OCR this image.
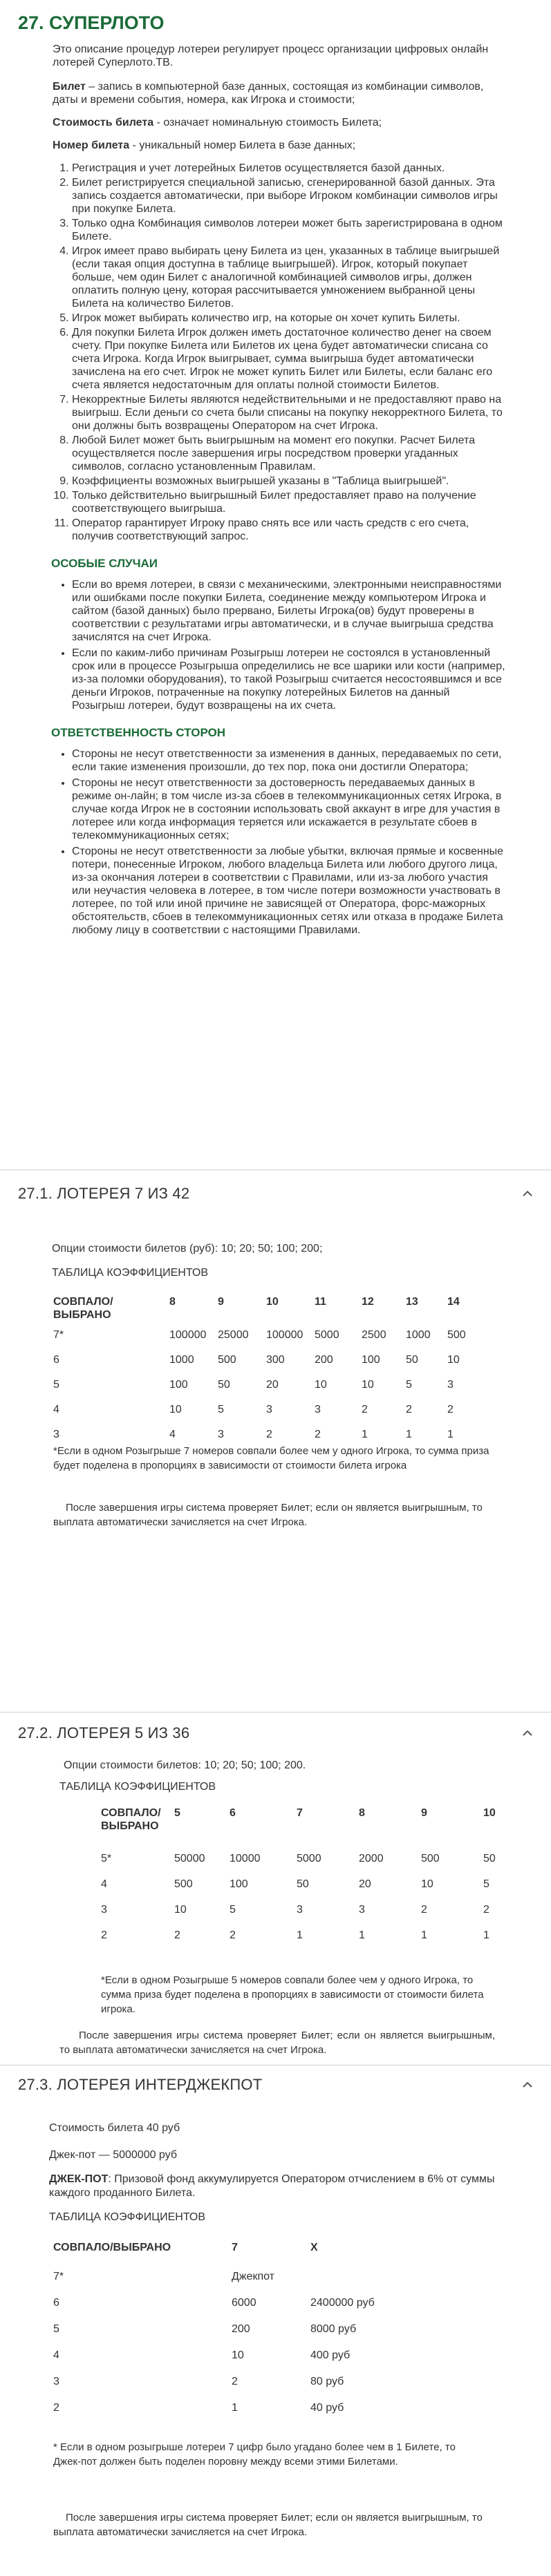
27. СУПЕРЛОТО

Это описание процедур лотереи регулирует процесс организации цифровых онлайн лотерей Суперлото.ТВ.

Билет – запись в компьютерной базе данных, состоящая из комбинации символов, даты и времени события, номера, как Игрока и стоимости;

Стоимость билета - означает номинальную стоимость Билета;

Номер билета - уникальный номер Билета в базе данных;

1. Регистрация и учет лотерейных Билетов осуществляется базой данных.
2. Билет регистрируется специальной записью, сгенерированной базой данных. Эта запись создается автоматически, при выборе Игроком комбинации символов игры при покупке Билета.
3. Только одна Комбинация символов лотереи может быть зарегистрирована в одном Билете.
4. Игрок имеет право выбирать цену Билета из цен, указанных в таблице выигрышей (если такая опция доступна в таблице выигрышей). Игрок, который покупает больше, чем один Билет с аналогичной комбинацией символов игры, должен оплатить полную цену, которая рассчитывается умножением выбранной цены Билета на количество Билетов.
5. Игрок может выбирать количество игр, на которые он хочет купить Билеты.
6. Для покупки Билета Игрок должен иметь достаточное количество денег на своем счету. При покупке Билета или Билетов их цена будет автоматически списана со счета Игрока. Когда Игрок выигрывает, сумма выигрыша будет автоматически зачислена на его счет. Игрок не может купить Билет или Билеты, если баланс его счета является недостаточным для оплаты полной стоимости Билетов.
7. Некорректные Билеты являются недействительными и не предоставляют право на выигрыш. Если деньги со счета были списаны на покупку некорректного Билета, то они должны быть возвращены Оператором на счет Игрока.
8. Любой Билет может быть выигрышным на момент его покупки. Расчет Билета осуществляется после завершения игры посредством проверки угаданных символов, согласно установленным Правилам.
9. Коэффициенты возможных выигрышей указаны в "Таблица выигрышей".
10. Только действительно выигрышный Билет предоставляет право на получение соответствующего выигрыша.
11. Оператор гарантирует Игроку право снять все или часть средств с его счета, получив соответствующий запрос.
ОСОБЫЕ СЛУЧАИ
• Если во время лотереи, в связи с механическими, электронными неисправностями или ошибками после покупки Билета, соединение между компьютером Игрока и сайтом (базой данных) было прервано, Билеты Игрока(ов) будут проверены в соответствии с результатами игры автоматически, и в случае выигрыша средства зачислятся на счет Игрока.
• Если по каким-либо причинам Розыгрыш лотереи не состоялся в установленный срок или в процессе Розыгрыша определились не все шарики или кости (например, из-за поломки оборудования), то такой Розыгрыш считается несостоявшимся и все деньги Игроков, потраченные на покупку лотерейных Билетов на данный Розыгрыш лотереи, будут возвращены на их счета.
ОТВЕТСТВЕННОСТЬ СТОРОН
• Стороны не несут ответственности за изменения в данных, передаваемых по сети, если такие изменения произошли, до тех пор, пока они достигли Оператора;
• Стороны не несут ответственности за достоверность передаваемых данных в режиме он-лайн; в том числе из-за сбоев в телекоммуникационных сетях Игрока, в случае когда Игрок не в состоянии использовать свой аккаунт в игре для участия в лотерее или когда информация теряется или искажается в результате сбоев в телекоммуникационных сетях;
• Стороны не несут ответственности за любые убытки, включая прямые и косвенные потери, понесенные Игроком, любого владельца Билета или любого другого лица, из-за окончания лотереи в соответствии с Правилами, или из-за любого участия или неучастия человека в лотерее, в том числе потери возможности участвовать в лотерее, по той или иной причине не зависящей от Оператора, форс-мажорных обстоятельств, сбоев в телекоммуникационных сетях или отказа в продаже Билета любому лицу в соответствии с настоящими Правилами.
27.1. ЛОТЕРЕЯ 7 ИЗ 42
Опции стоимости билетов (руб): 10; 20; 50; 100; 200;
ТАБЛИЦА КОЭФФИЦИЕНТОВ
СОВПАЛО/ВЫБРАНО	8	9	10	11	12	13	14
7*	100000	25000	100000	5000	2500	1000	500
6	1000	500	300	200	100	50	10
5	100	50	20	10	10	5	3
4	10	5	3	3	2	2	2
3	4	3	2	2	1	1	1
*Если в одном Розыгрыше 7 номеров совпали более чем у одного Игрока, то сумма приза будет поделена в пропорциях в зависимости от стоимости билета игрока
После завершения игры система проверяет Билет; если он является выигрышным, то выплата автоматически зачисляется на счет Игрока.
27.2. ЛОТЕРЕЯ 5 ИЗ 36
Опции стоимости билетов: 10; 20; 50; 100; 200.
ТАБЛИЦА КОЭФФИЦИЕНТОВ
СОВПАЛО/ ВЫБРАНО	5	6	7	8	9	10
5*	50000	10000	5000	2000	500	50
4	500	100	50	20	10	5
3	10	5	3	3	2	2
2	2	2	1	1	1	1
*Если в одном Розыгрыше 5 номеров совпали более чем у одного Игрока, то сумма приза будет поделена в пропорциях в зависимости от стоимости билета игрока.
После завершения игры система проверяет Билет; если он является выигрышным, то выплата автоматически зачисляется на счет Игрока.
27.3. ЛОТЕРЕЯ ИНТЕРДЖЕКПОТ
Стоимость билета 40 руб
Джек-пот — 5000000 руб
ДЖЕК-ПОТ: Призовой фонд аккумулируется Оператором отчислением в 6% от суммы каждого проданного Билета.
ТАБЛИЦА КОЭФФИЦИЕНТОВ
СОВПАЛО/ВЫБРАНО	7	X
7*	Джекпот	
6	6000	2400000 руб
5	200	8000 руб
4	10	400 руб
3	2	80 руб
2	1	40 руб
* Если в одном розыгрыше лотереи 7 цифр было угадано более чем в 1 Билете, то Джек-пот должен быть поделен поровну между всеми этими Билетами.
После завершения игры система проверяет Билет; если он является выигрышным, то выплата автоматически зачисляется на счет Игрока.
